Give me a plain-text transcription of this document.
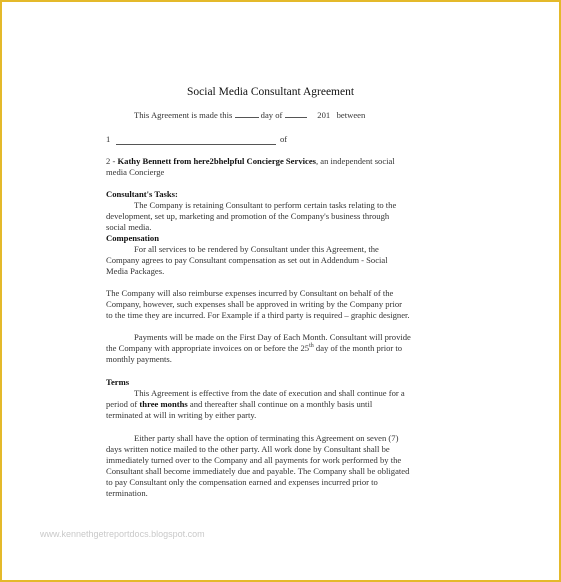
Social Media Consultant Agreement
This Agreement is made this	day of	201 between
1	of
2 - Kathy Bennett from here2bhelpful Concierge Services, an independent social
media Concierge
Consultant's Tasks:
The Company is retaining Consultant to perform certain tasks relating to the
development, set up, marketing and promotion of the Company's business through
social media.
Compensation
For all services to be rendered by Consultant under this Agreement, the
Company agrees to pay Consultant compensation as set out in Addendum - Social
Media Packages.
The Company will also reimburse expenses incurred by Consultant on behalf of the
Company, however, such expenses shall be approved in writing by the Company prior
to the time they are incurred. For Example if a third party is required – graphic designer.
Payments will be made on the First Day of Each Month. Consultant will provide
the Company with appropriate invoices on or before the 25th day of the month prior to
monthly payments.
Terms
This Agreement is effective from the date of execution and shall continue for a
period of three months and thereafter shall continue on a monthly basis until
terminated at will in writing by either party.
Either party shall have the option of terminating this Agreement on seven (7)
days written notice mailed to the other party. All work done by Consultant shall be
immediately turned over to the Company and all payments for work performed by the
Consultant shall become immediately due and payable. The Company shall be obligated
to pay Consultant only the compensation earned and expenses incurred prior to
termination.
www.kennethgetreportdocs.blogspot.com
